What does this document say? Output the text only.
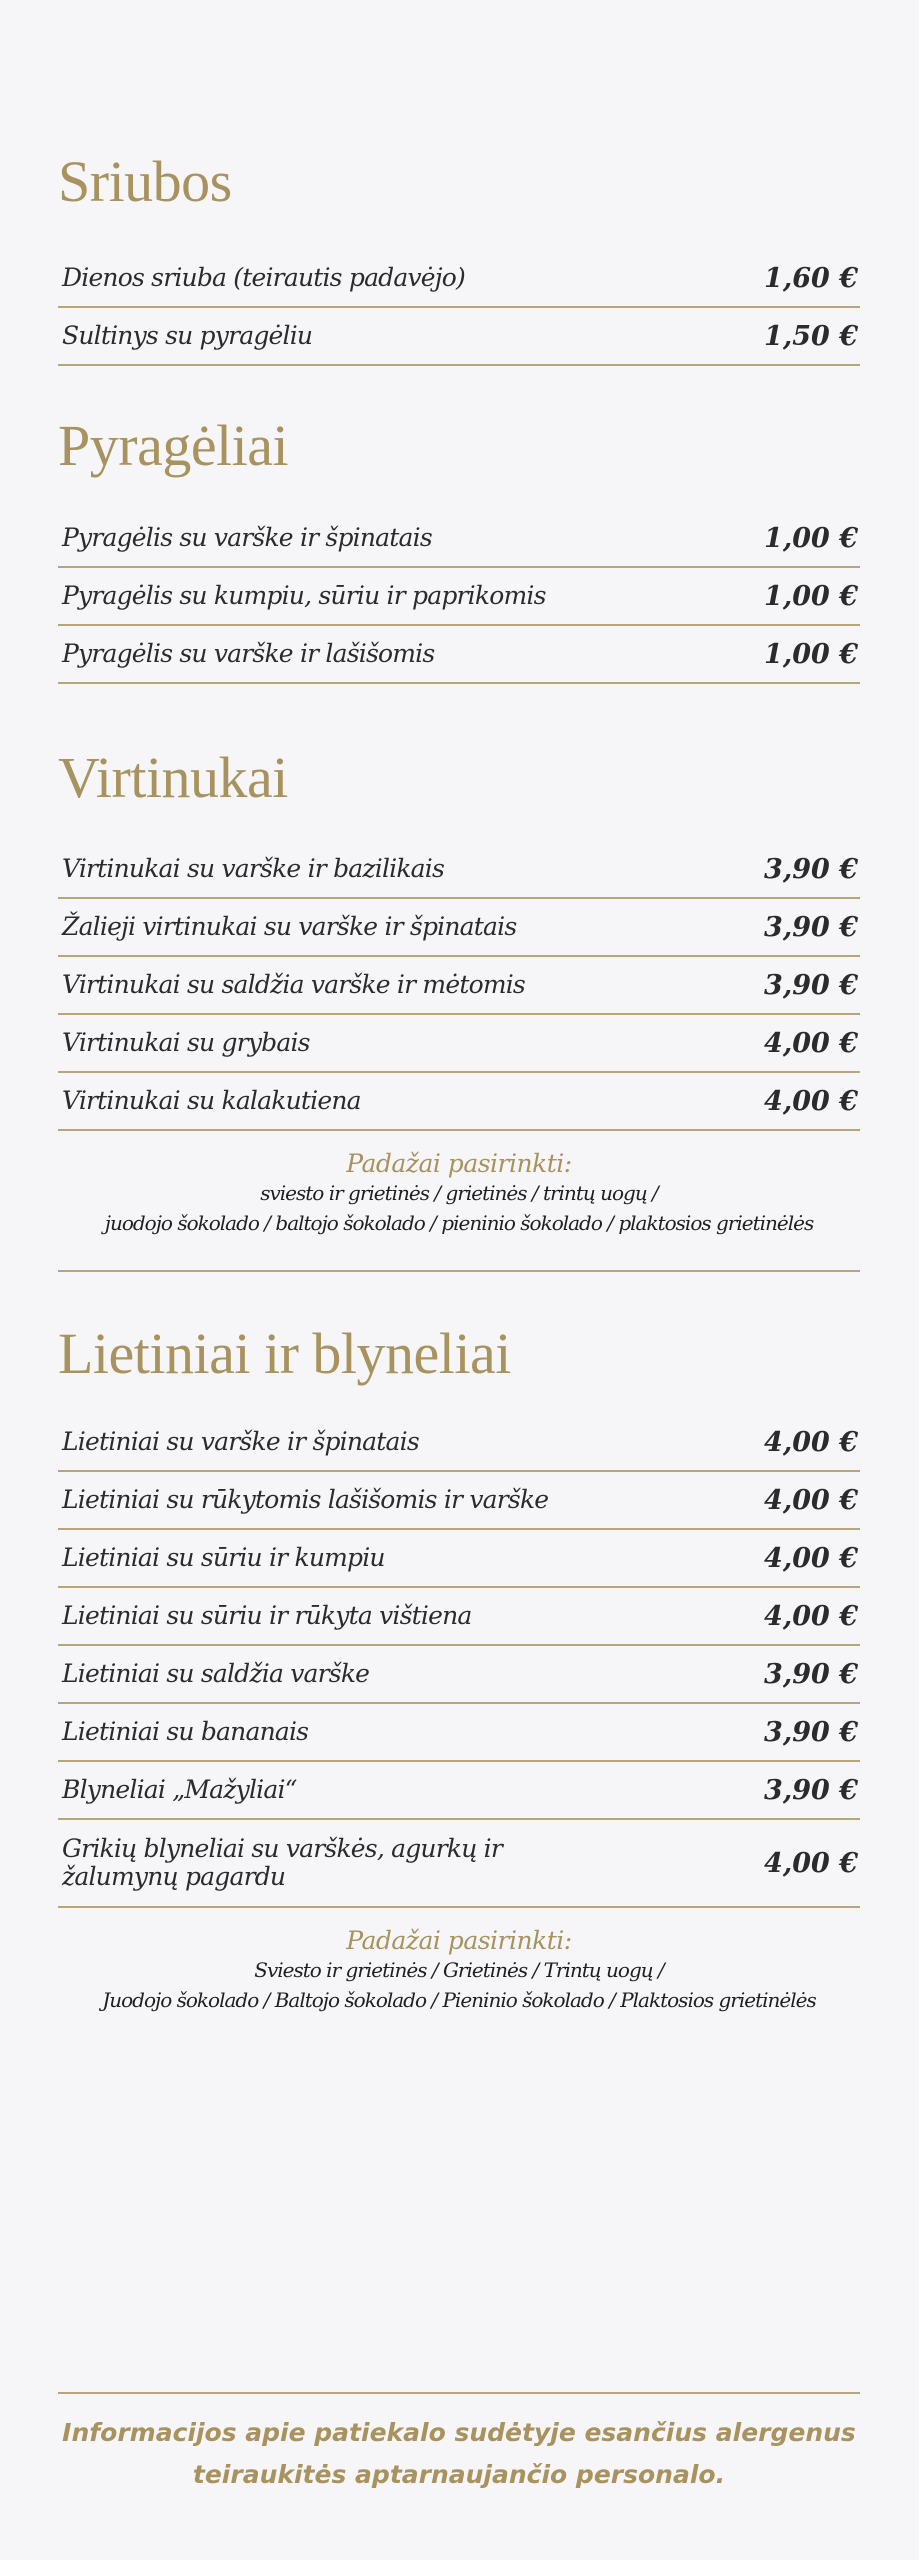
Sriubos
Dienos sriuba (teirautis padavėjo)	1,60 €
Sultinys su pyragėliu	1,50 €
Pyragėliai
Pyragėlis su varške ir špinatais	1,00 €
Pyragėlis su kumpiu, sūriu ir paprikomis	1,00 €
Pyragėlis su varške ir lašišomis	1,00 €
Virtinukai
Virtinukai su varške ir bazilikais	3,90 €
Žalieji virtinukai su varške ir špinatais	3,90 €
Virtinukai su saldžia varške ir mėtomis	3,90 €
Virtinukai su grybais	4,00 €
Virtinukai su kalakutiena	4,00 €
Padažai pasirinkti:
sviesto ir grietinės / grietinės / trintų uogų /
juodojo šokolado / baltojo šokolado / pieninio šokolado / plaktosios grietinėlės
Lietiniai ir blyneliai
Lietiniai su varške ir špinatais	4,00 €
Lietiniai su rūkytomis lašišomis ir varške	4,00 €
Lietiniai su sūriu ir kumpiu	4,00 €
Lietiniai su sūriu ir rūkyta vištiena	4,00 €
Lietiniai su saldžia varške	3,90 €
Lietiniai su bananais	3,90 €
Blyneliai „Mažyliai“	3,90 €
Grikių blyneliai su varškės, agurkų ir žalumynų pagardu	4,00 €
Padažai pasirinkti:
Sviesto ir grietinės / Grietinės / Trintų uogų /
Juodojo šokolado / Baltojo šokolado / Pieninio šokolado / Plaktosios grietinėlės
Informacijos apie patiekalo sudėtyje esančius alergenus
teiraukitės aptarnaujančio personalo.
